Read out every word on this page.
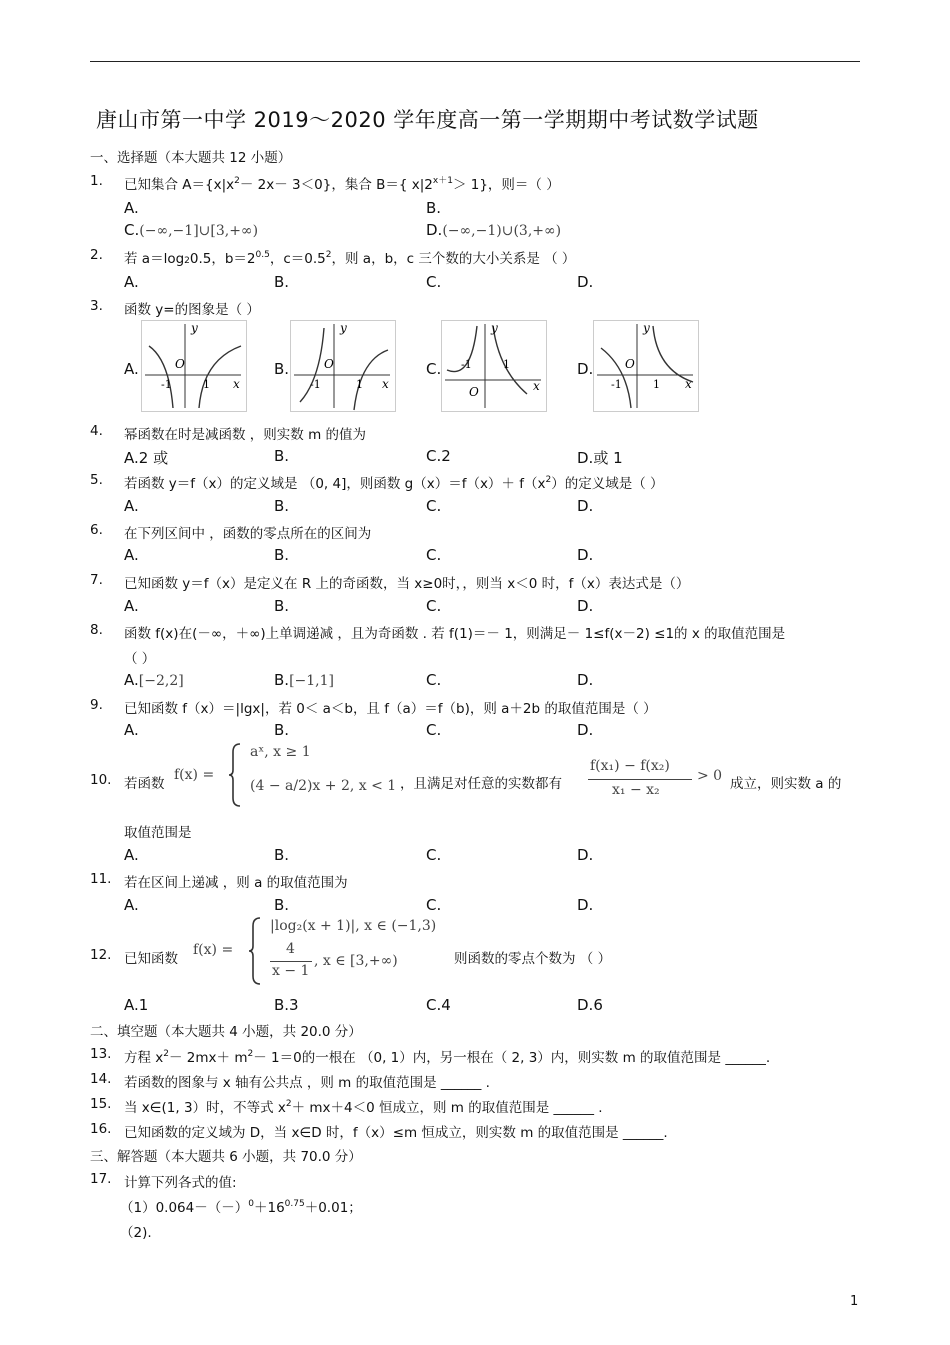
唐山市第一中学 2019～2020 学年度高一第一学期期中考试数学试题
一、选择题（本大题共 12 小题）
1. 已知集合 $A=\{x|x^2- 2x- 3<0\}$，集合 B＝{ $x|2^{x+1}> 1$}，则＝（ ）
A.	B.
C.(−∞,−1]∪[3,+∞)	D.(−∞,−1)∪(3,+∞)
2. 若 a＝log20.5，$b=2^{0.5}$，$c=0.5^2$，则 a，b，c 三个数的大小关系是 （ ）
A.	B.	C.	D.
3. 函数 y=的图象是（ ）
A.	B.	C.	D.
y
x
O
-1	1
y
x
O
-1	1
y
x
O
-1	1
y
x
O
-1	1
4. 幂函数在时是减函数 ，则实数 m 的值为
A.2 或	B.	C.2	D.或 1
5. 若函数 y＝f（x）的定义域是 （0, 4]，则函数 $g(x)=f(x)+ f(x^2)$的定义域是（ ）
A.	B.	C.	D.
6. 在下列区间中 ，函数的零点所在的区间为
A.	B.	C.	D.
7. 已知函数 y＝f（x）是定义在 R 上的奇函数，当 x≥0时，，则当 x＜0 时，f（x）表达式是（）
A.	B.	C.	D.
8. 函数 f(x)在(－∞，＋∞)上单调递减 ，且为奇函数 . 若 f(1)＝－ 1，则满足－ 1≤f(x－2) ≤1的 x 的取值范围是
（ ）
A.[−2,2]	B.[−1,1]	C.	D.
9. 已知函数 f（x）＝|lgx|，若 0＜ a＜b，且 f（a）＝f（b)，则 a＋2b 的取值范围是（ ）
A.	B.	C.	D.
10. 若函数
f(x) =
aˣ, x ≥ 1
(4 − a/2)x + 2, x < 1 ，且满足对任意的实数都有
f(x₁) − f(x₂)
x₁ − x₂
> 0 成立，则实数 a 的
取值范围是
A.	B.	C.	D.
11. 若在区间上递减 ，则 a 的取值范围为
A.	B.	C.	D.
12. 已知函数
f(x) =
|log₂(x + 1)|, x ∈ (−1,3)
4
x − 1
, x ∈ [3,+∞)	则函数的零点个数为 （ ）
A.1	B.3	C.4	D.6
二、填空题（本大题共 4 小题，共 20.0 分）
13. 方程 $x^2- 2mx+ m^2- 1=0$的一根在 （0, 1）内，另一根在（ 2, 3）内，则实数 m 的取值范围是 ______.
14. 若函数的图象与 x 轴有公共点 ，则 m 的取值范围是 ______ .
15. 当 x∈(1, 3）时，不等式 $x^2+ mx+4<0$ 恒成立，则 m 的取值范围是 ______ .
16. 已知函数的定义域为 D，当 x∈D 时，f（x）≤m 恒成立，则实数 m 的取值范围是 ______.
三、解答题（本大题共 6 小题，共 70.0 分）
17. 计算下列各式的值:
$(1)0.064-(-)^0+16^{0.75}+0.01$；
（2).
1
